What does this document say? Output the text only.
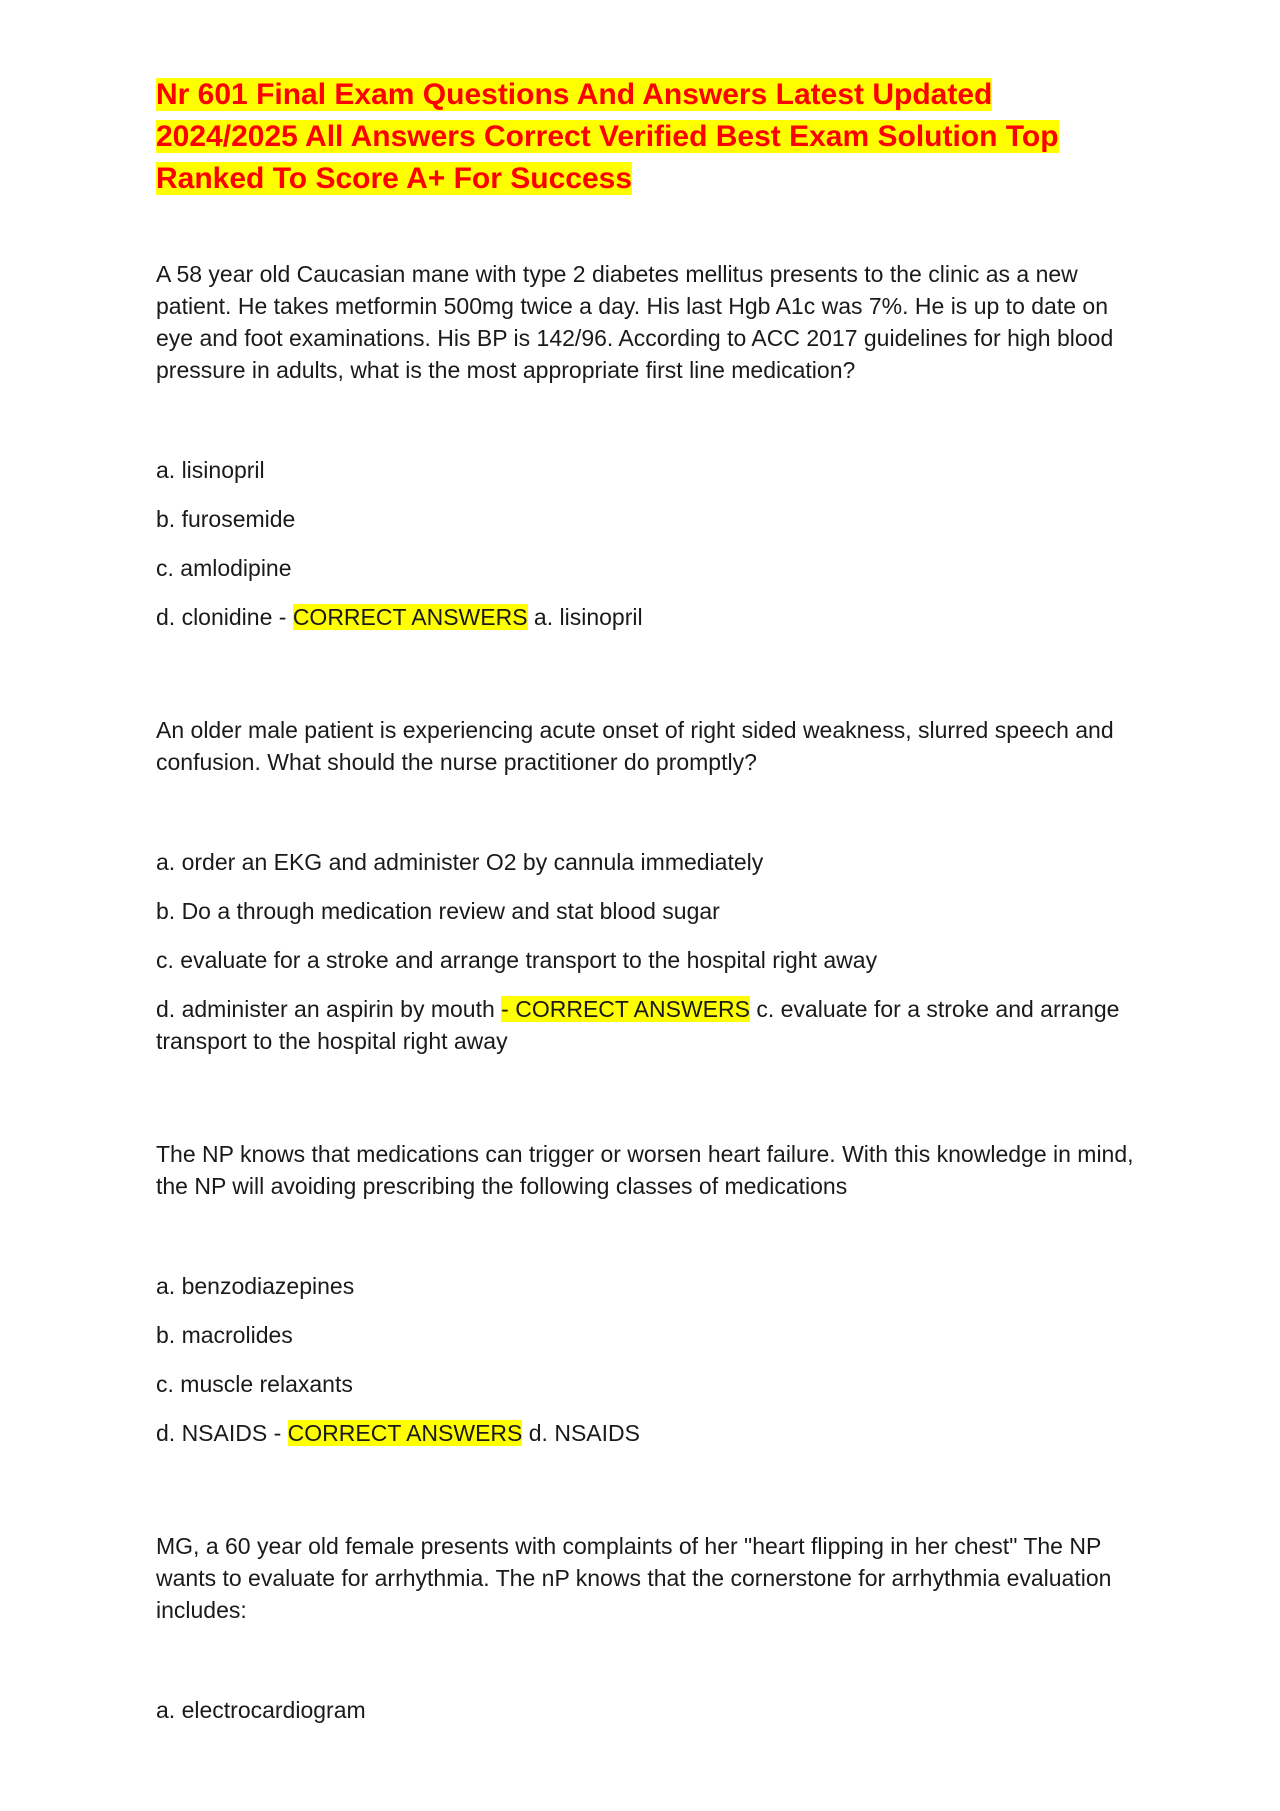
Nr 601 Final Exam Questions And Answers Latest Updated 2024/2025 All Answers Correct Verified Best Exam Solution Top Ranked To Score A+ For Success
A 58 year old Caucasian mane with type 2 diabetes mellitus presents to the clinic as a new patient. He takes metformin 500mg twice a day. His last Hgb A1c was 7%. He is up to date on eye and foot examinations. His BP is 142/96. According to ACC 2017 guidelines for high blood pressure in adults, what is the most appropriate first line medication?
a. lisinopril
b. furosemide
c. amlodipine
d. clonidine - CORRECT ANSWERS a. lisinopril
An older male patient is experiencing acute onset of right sided weakness, slurred speech and confusion. What should the nurse practitioner do promptly?
a. order an EKG and administer O2 by cannula immediately
b. Do a through medication review and stat blood sugar
c. evaluate for a stroke and arrange transport to the hospital right away
d. administer an aspirin by mouth - CORRECT ANSWERS c. evaluate for a stroke and arrange transport to the hospital right away
The NP knows that medications can trigger or worsen heart failure. With this knowledge in mind, the NP will avoiding prescribing the following classes of medications
a. benzodiazepines
b. macrolides
c. muscle relaxants
d. NSAIDS - CORRECT ANSWERS d. NSAIDS
MG, a 60 year old female presents with complaints of her "heart flipping in her chest" The NP wants to evaluate for arrhythmia. The nP knows that the cornerstone for arrhythmia evaluation includes:
a. electrocardiogram
